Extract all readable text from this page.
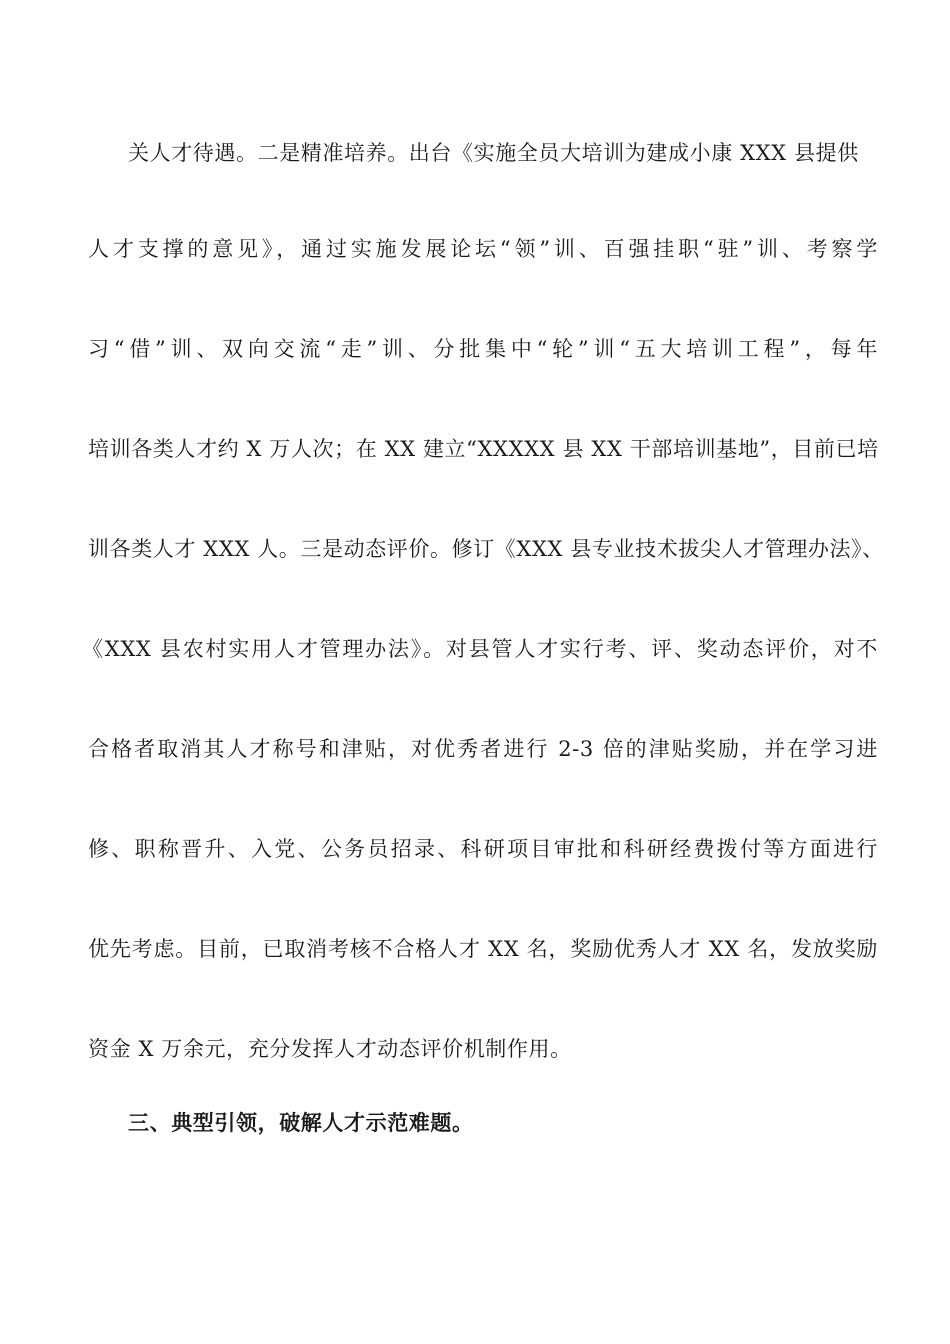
关人才待遇。二是精准培养。出台《实施全员大培训为建成小康 XXX 县提供
人才支撑的意见》，通过实施发展论坛“领”训、百强挂职“驻”训、考察学
习“借”训、双向交流“走”训、分批集中“轮”训“五大培训工程”，每年
培训各类人才约 X 万人次；在 XX 建立“XXXXX 县 XX 干部培训基地”，目前已培
训各类人才 XXX 人。三是动态评价。修订《XXX 县专业技术拔尖人才管理办法》、
《XXX 县农村实用人才管理办法》。对县管人才实行考、评、奖动态评价，对不
合格者取消其人才称号和津贴，对优秀者进行 2-3 倍的津贴奖励，并在学习进
修、职称晋升、入党、公务员招录、科研项目审批和科研经费拨付等方面进行
优先考虑。目前，已取消考核不合格人才 XX 名，奖励优秀人才 XX 名，发放奖励
资金 X 万余元，充分发挥人才动态评价机制作用。
三、典型引领，破解人才示范难题。
